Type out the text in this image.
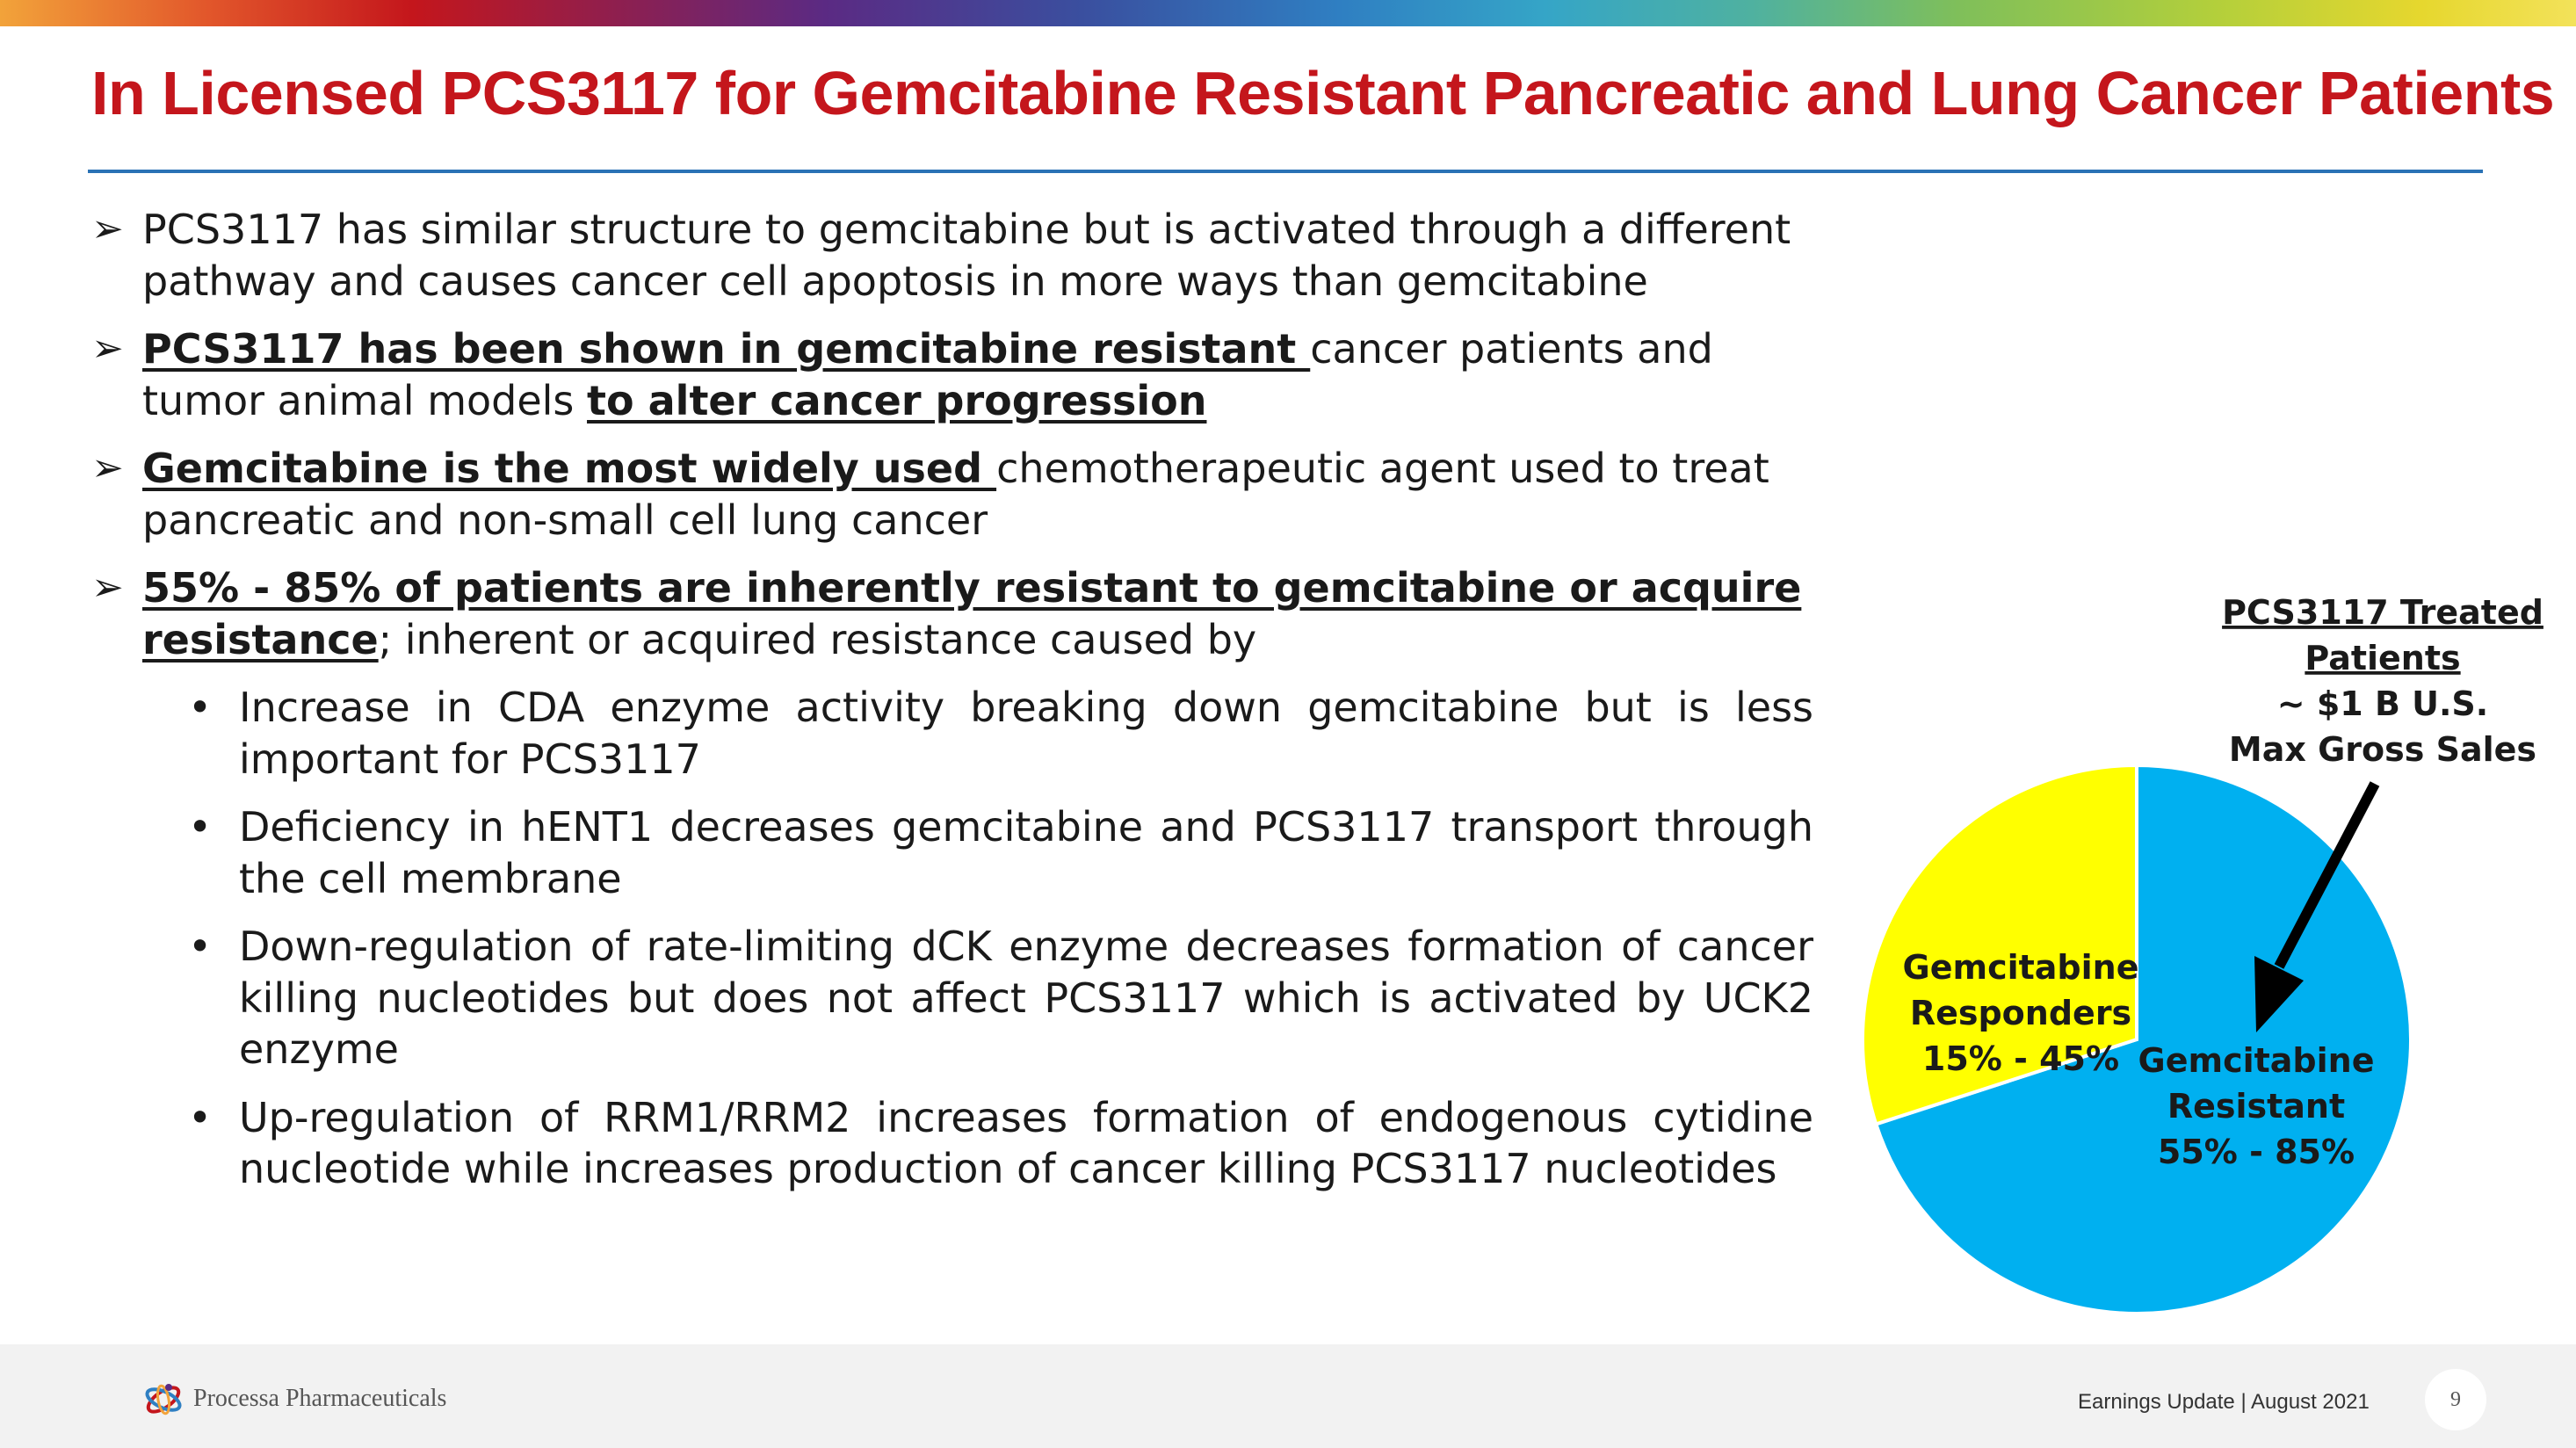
In Licensed PCS3117 for Gemcitabine Resistant Pancreatic and Lung Cancer Patients
➢ PCS3117 has similar structure to gemcitabine but is activated through a different pathway and causes cancer cell apoptosis in more ways than gemcitabine
➢ PCS3117 has been shown in gemcitabine resistant cancer patients and tumor animal models to alter cancer progression
➢ Gemcitabine is the most widely used chemotherapeutic agent used to treat pancreatic and non-small cell lung cancer
➢ 55% - 85% of patients are inherently resistant to gemcitabine or acquire resistance; inherent or acquired resistance caused by
• Increase in CDA enzyme activity breaking down gemcitabine but is less important for PCS3117
• Deficiency in hENT1 decreases gemcitabine and PCS3117 transport through the cell membrane
• Down-regulation of rate-limiting dCK enzyme decreases formation of cancer killing nucleotides but does not affect PCS3117 which is activated by UCK2 enzyme
• Up-regulation of RRM1/RRM2 increases formation of endogenous cytidine nucleotide while increases production of cancer killing PCS3117 nucleotides
Gemcitabine Resistant 55% - 85%
Gemcitabine Responders 15% - 45%
PCS3117 Treated Patients ~ $1 B U.S. Max Gross Sales
Processa Pharmaceuticals	Earnings Update | August 2021	9
